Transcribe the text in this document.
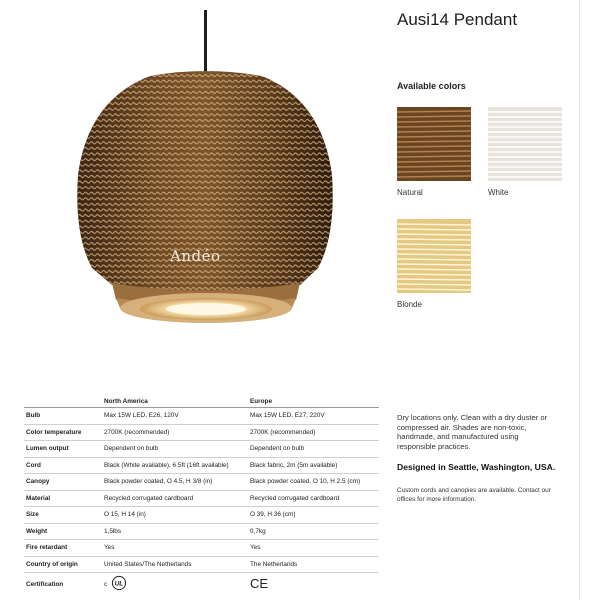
Andéo
Ausi14 Pendant
Available colors
Natural	White
Blonde
	North America	Europe
Bulb	Max 15W LED, E26, 120V	Max 15W LED, E27, 220V
Color temperature	2700K (recommended)	2700K (recommended)
Lumen output	Dependent on bulb	Dependent on bulb
Cord	Black (White available), 6.5ft (16ft available)	Black fabric, 2m (5m available)
Canopy	Black powder coated, O 4.5, H 3/8 (in)	Black powder coated, O 10, H 2.5 (cm)
Material	Recycled corrugated cardboard	Recycled corrugated cardboard
Size	O 15, H 14 (in)	O 39, H 36 (cm)
Weight	1,5lbs	0,7kg
Fire retardant	Yes	Yes
Country of origin	United States/The Netherlands	The Netherlands
Certification	c UL	CE
Dry locations only. Clean with a dry duster or compressed air. Shades are non-toxic, handmade, and manufactured using responsible practices.
Designed in Seattle, Washington, USA.
Custom cords and canopies are available. Contact our offices for more information.
